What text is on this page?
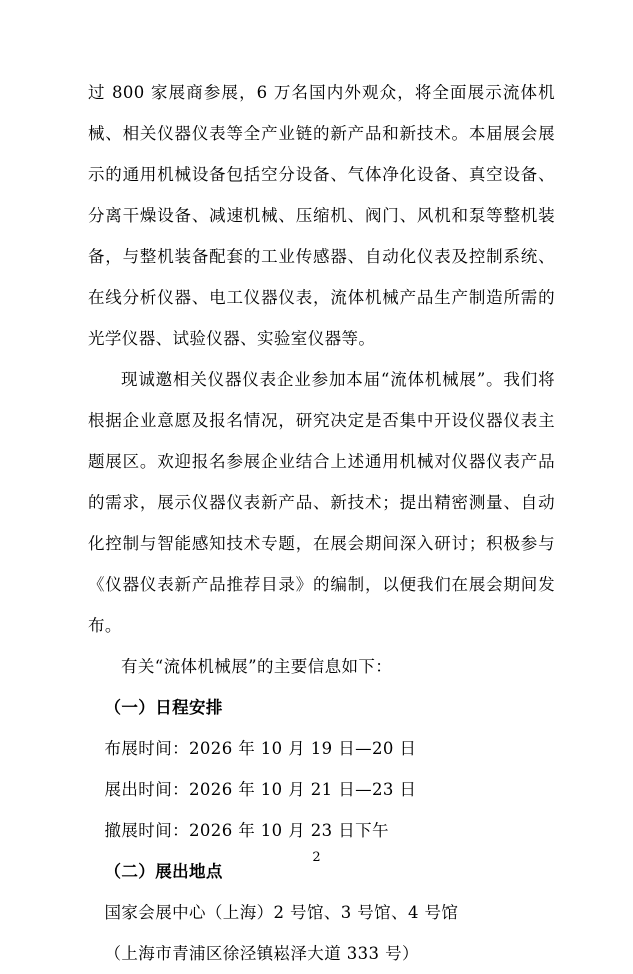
过 800 家展商参展，6 万名国内外观众，将全面展示流体机械、相关仪器仪表等全产业链的新产品和新技术。本届展会展示的通用机械设备包括空分设备、气体净化设备、真空设备、分离干燥设备、减速机械、压缩机、阀门、风机和泵等整机装备，与整机装备配套的工业传感器、自动化仪表及控制系统、在线分析仪器、电工仪器仪表，流体机械产品生产制造所需的光学仪器、试验仪器、实验室仪器等。

现诚邀相关仪器仪表企业参加本届“流体机械展”。我们将根据企业意愿及报名情况，研究决定是否集中开设仪器仪表主题展区。欢迎报名参展企业结合上述通用机械对仪器仪表产品的需求，展示仪器仪表新产品、新技术；提出精密测量、自动化控制与智能感知技术专题，在展会期间深入研讨；积极参与《仪器仪表新产品推荐目录》的编制，以便我们在展会期间发布。

有关“流体机械展”的主要信息如下：

（一）日程安排

布展时间：2026 年 10 月 19 日—20 日

展出时间：2026 年 10 月 21 日—23 日

撤展时间：2026 年 10 月 23 日下午

（二）展出地点

国家会展中心（上海）2 号馆、3 号馆、4 号馆

（上海市青浦区徐泾镇崧泽大道 333 号）

2
